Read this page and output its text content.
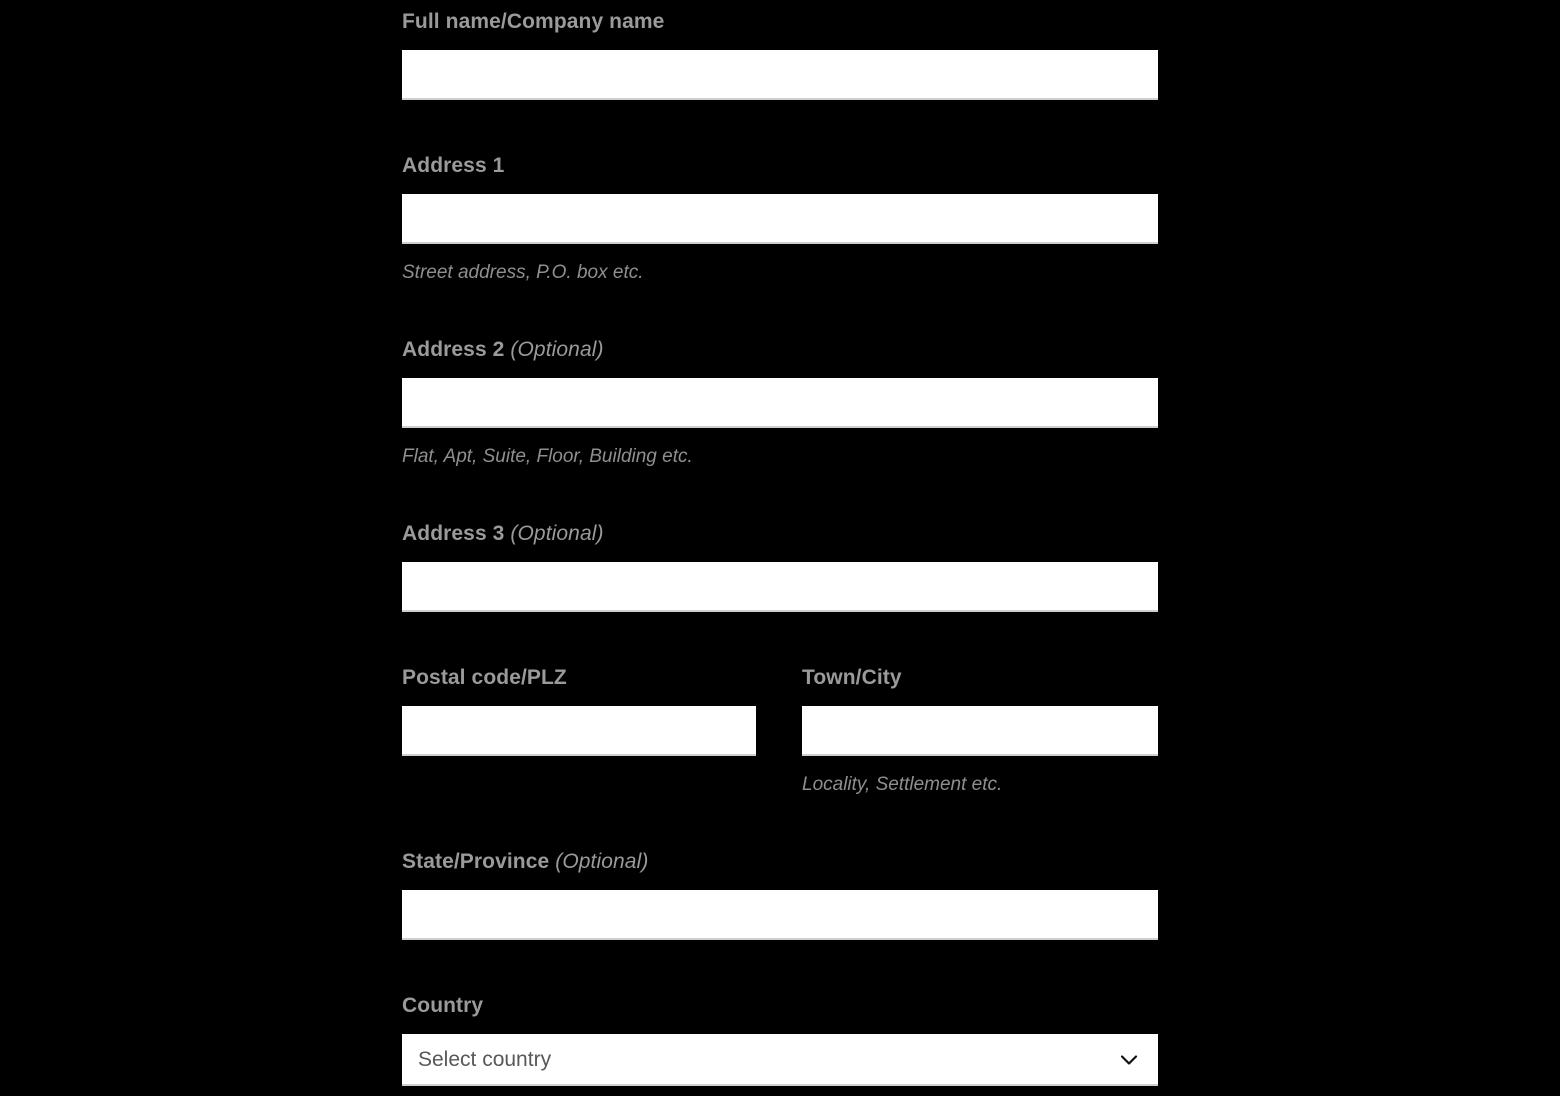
Full name/Company name
Address 1
Street address, P.O. box etc.
Address 2 (Optional)
Flat, Apt, Suite, Floor, Building etc.
Address 3 (Optional)
Postal code/PLZ	Town/City
Locality, Settlement etc.
State/Province (Optional)
Country
Select country
